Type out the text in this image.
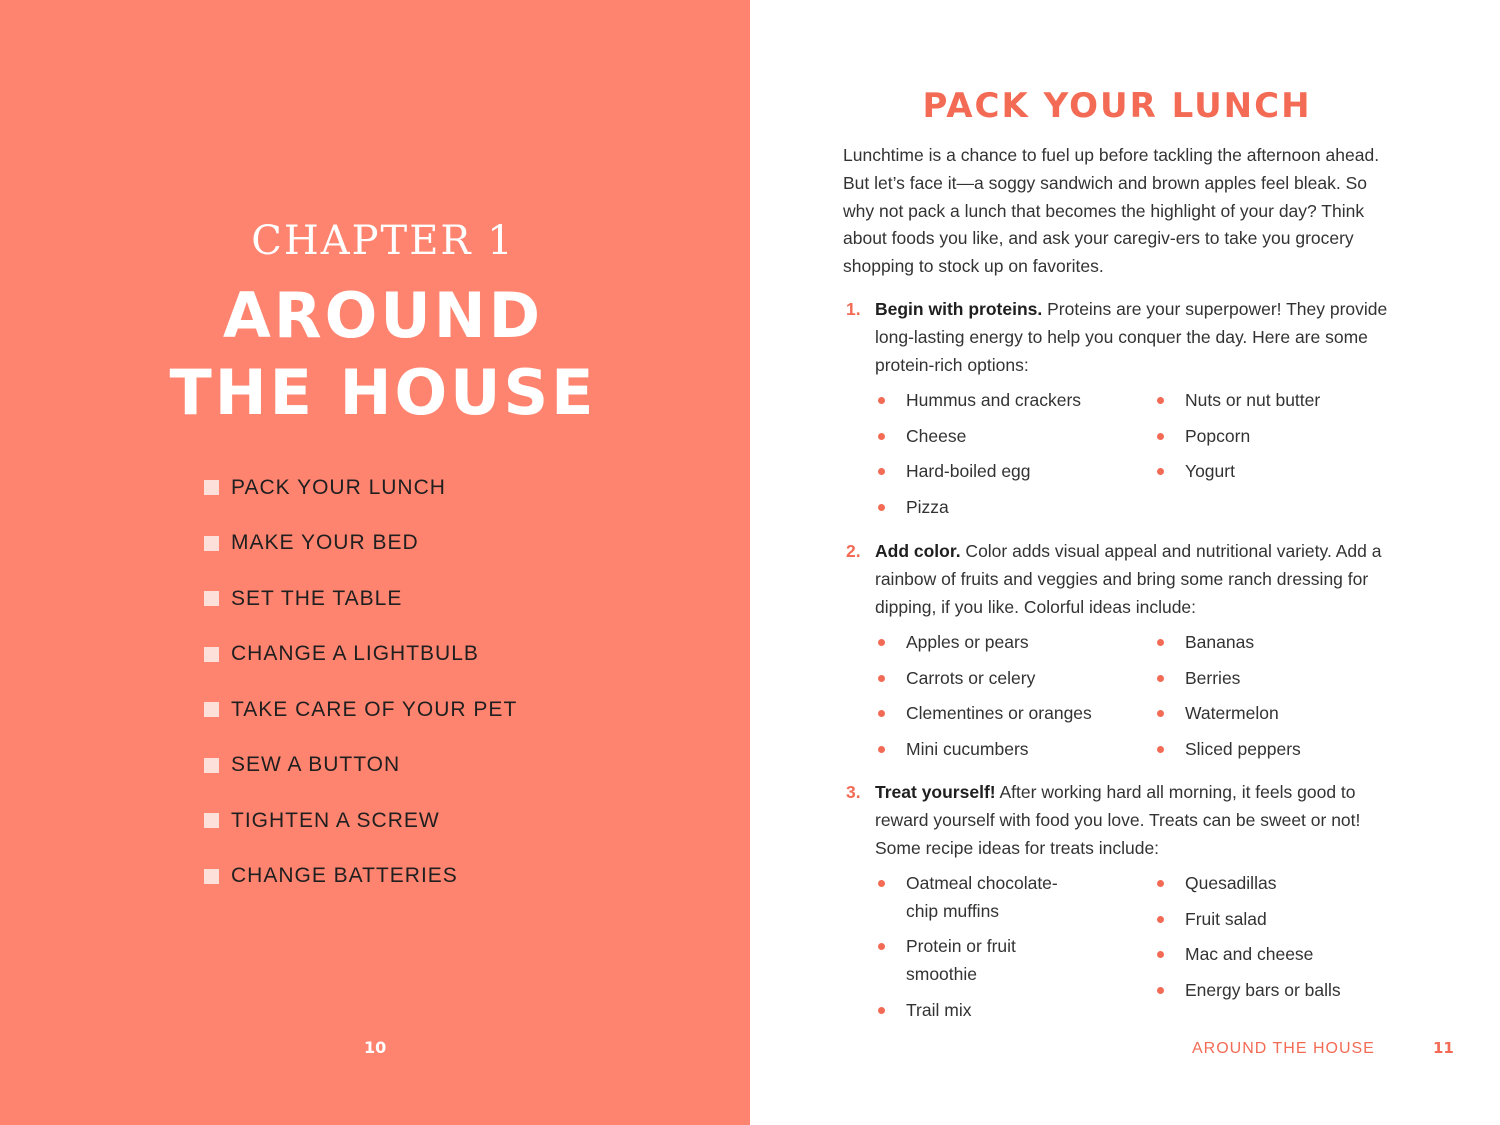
CHAPTER 1
AROUND
THE HOUSE
PACK YOUR LUNCH
MAKE YOUR BED
SET THE TABLE
CHANGE A LIGHTBULB
TAKE CARE OF YOUR PET
SEW A BUTTON
TIGHTEN A SCREW
CHANGE BATTERIES
10
PACK YOUR LUNCH

Lunchtime is a chance to fuel up before tackling the afternoon ahead. But let’s face it—a soggy sandwich and brown apples feel bleak. So why not pack a lunch that becomes the highlight of your day? Think about foods you like, and ask your caregiv-ers to take you grocery shopping to stock up on favorites.

1. Begin with proteins. Proteins are your superpower! They provide long-lasting energy to help you conquer the day. Here are some protein-rich options:

Hummus and crackers
Cheese
Hard-boiled egg
Pizza
Nuts or nut butter
Popcorn
Yogurt
2. Add color. Color adds visual appeal and nutritional variety. Add a rainbow of fruits and veggies and bring some ranch dressing for dipping, if you like. Colorful ideas include:

Apples or pears
Carrots or celery
Clementines or oranges
Mini cucumbers
Bananas
Berries
Watermelon
Sliced peppers
3. Treat yourself! After working hard all morning, it feels good to reward yourself with food you love. Treats can be sweet or not! Some recipe ideas for treats include:

Oatmeal chocolate-chip muffins
Protein or fruit smoothie
Trail mix
Quesadillas
Fruit salad
Mac and cheese
Energy bars or balls
AROUND THE HOUSE	11
